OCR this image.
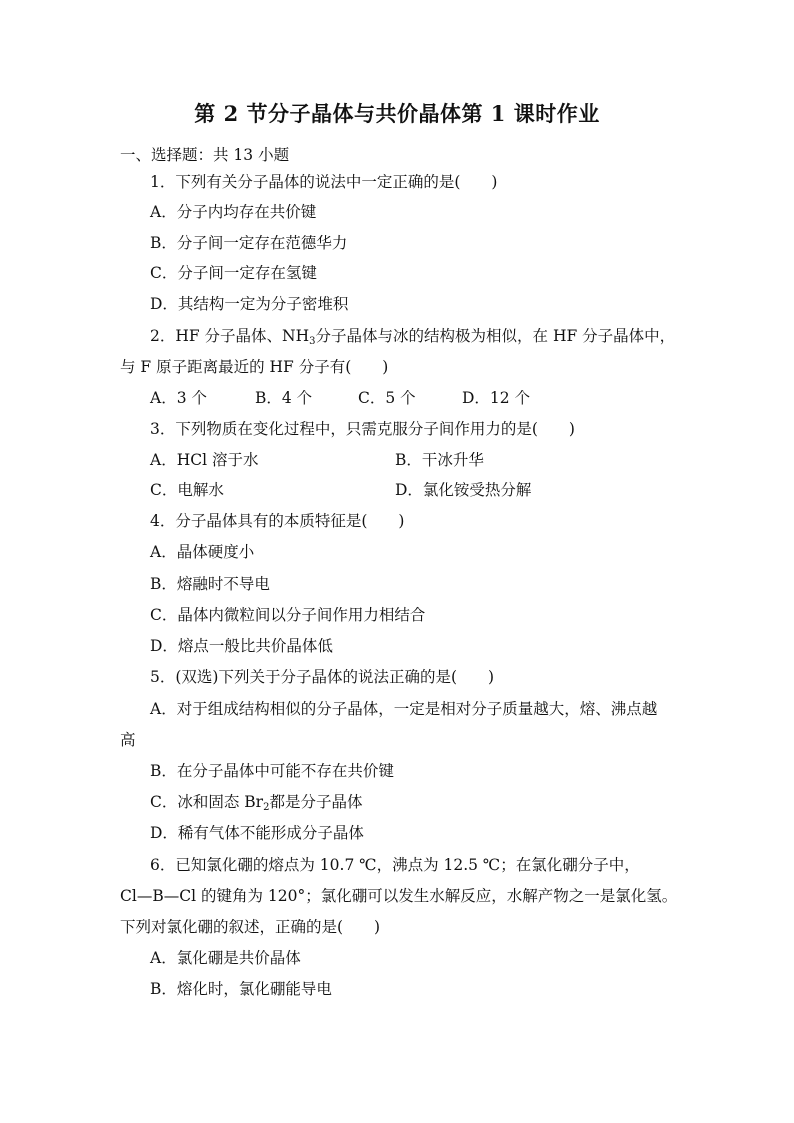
第 2 节分子晶体与共价晶体第 1 课时作业
一、选择题：共 13 小题
1．下列有关分子晶体的说法中一定正确的是(　　)
A．分子内均存在共价键
B．分子间一定存在范德华力
C．分子间一定存在氢键
D．其结构一定为分子密堆积
2．HF 分子晶体、$NH_3$分子晶体与冰的结构极为相似，在 HF 分子晶体中，
与 F 原子距离最近的 HF 分子有(　　)
A．3 个	B．4 个	C．5 个	D．12 个
3．下列物质在变化过程中，只需克服分子间作用力的是(　　)
A．HCl 溶于水	B．干冰升华
C．电解水	D．氯化铵受热分解
4．分子晶体具有的本质特征是(　　)
A．晶体硬度小
B．熔融时不导电
C．晶体内微粒间以分子间作用力相结合
D．熔点一般比共价晶体低
5．(双选)下列关于分子晶体的说法正确的是(　　)
A．对于组成结构相似的分子晶体，一定是相对分子质量越大，熔、沸点越
高
B．在分子晶体中可能不存在共价键
C．冰和固态 $Br_2$都是分子晶体
D．稀有气体不能形成分子晶体
6．已知氯化硼的熔点为 10.7 ℃，沸点为 12.5 ℃；在氯化硼分子中，
Cl—B—Cl 的键角为 120°；氯化硼可以发生水解反应，水解产物之一是氯化氢。
下列对氯化硼的叙述，正确的是(　　)
A．氯化硼是共价晶体
B．熔化时，氯化硼能导电
